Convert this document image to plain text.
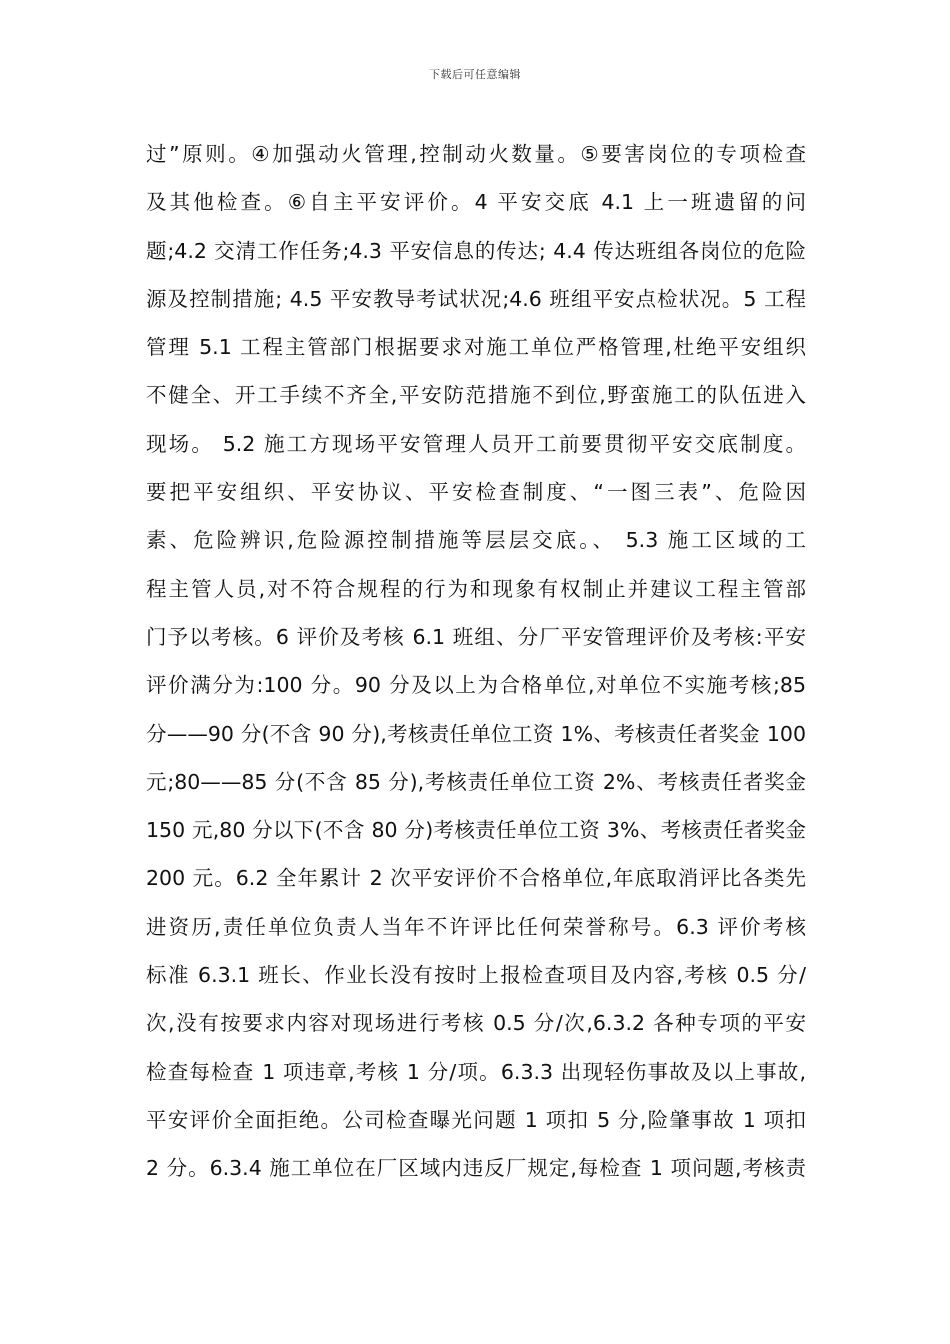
下载后可任意编辑
过”原则。④加强动火管理,控制动火数量。⑤要害岗位的专项检查
及其他检查。⑥自主平安评价。4 平安交底 4.1 上一班遗留的问
题;4.2 交清工作任务;4.3 平安信息的传达; 4.4 传达班组各岗位的危险
源及控制措施; 4.5 平安教导考试状况;4.6 班组平安点检状况。5 工程
管理 5.1 工程主管部门根据要求对施工单位严格管理,杜绝平安组织
不健全、开工手续不齐全,平安防范措施不到位,野蛮施工的队伍进入
现场。 5.2 施工方现场平安管理人员开工前要贯彻平安交底制度。
要把平安组织、平安协议、平安检查制度、“一图三表”、危险因
素、危险辨识,危险源控制措施等层层交底。、 5.3 施工区域的工
程主管人员,对不符合规程的行为和现象有权制止并建议工程主管部
门予以考核。6 评价及考核 6.1 班组、分厂平安管理评价及考核:平安
评价满分为:100 分。90 分及以上为合格单位,对单位不实施考核;85
分——90 分(不含 90 分),考核责任单位工资 1%、考核责任者奖金 100
元;80——85 分(不含 85 分),考核责任单位工资 2%、考核责任者奖金
150 元,80 分以下(不含 80 分)考核责任单位工资 3%、考核责任者奖金
200 元。6.2 全年累计 2 次平安评价不合格单位,年底取消评比各类先
进资历,责任单位负责人当年不许评比任何荣誉称号。6.3 评价考核
标准 6.3.1 班长、作业长没有按时上报检查项目及内容,考核 0.5 分/
次,没有按要求内容对现场进行考核 0.5 分/次,6.3.2 各种专项的平安
检查每检查 1 项违章,考核 1 分/项。6.3.3 出现轻伤事故及以上事故,
平安评价全面拒绝。公司检查曝光问题 1 项扣 5 分,险肇事故 1 项扣
2 分。6.3.4 施工单位在厂区域内违反厂规定,每检查 1 项问题,考核责
